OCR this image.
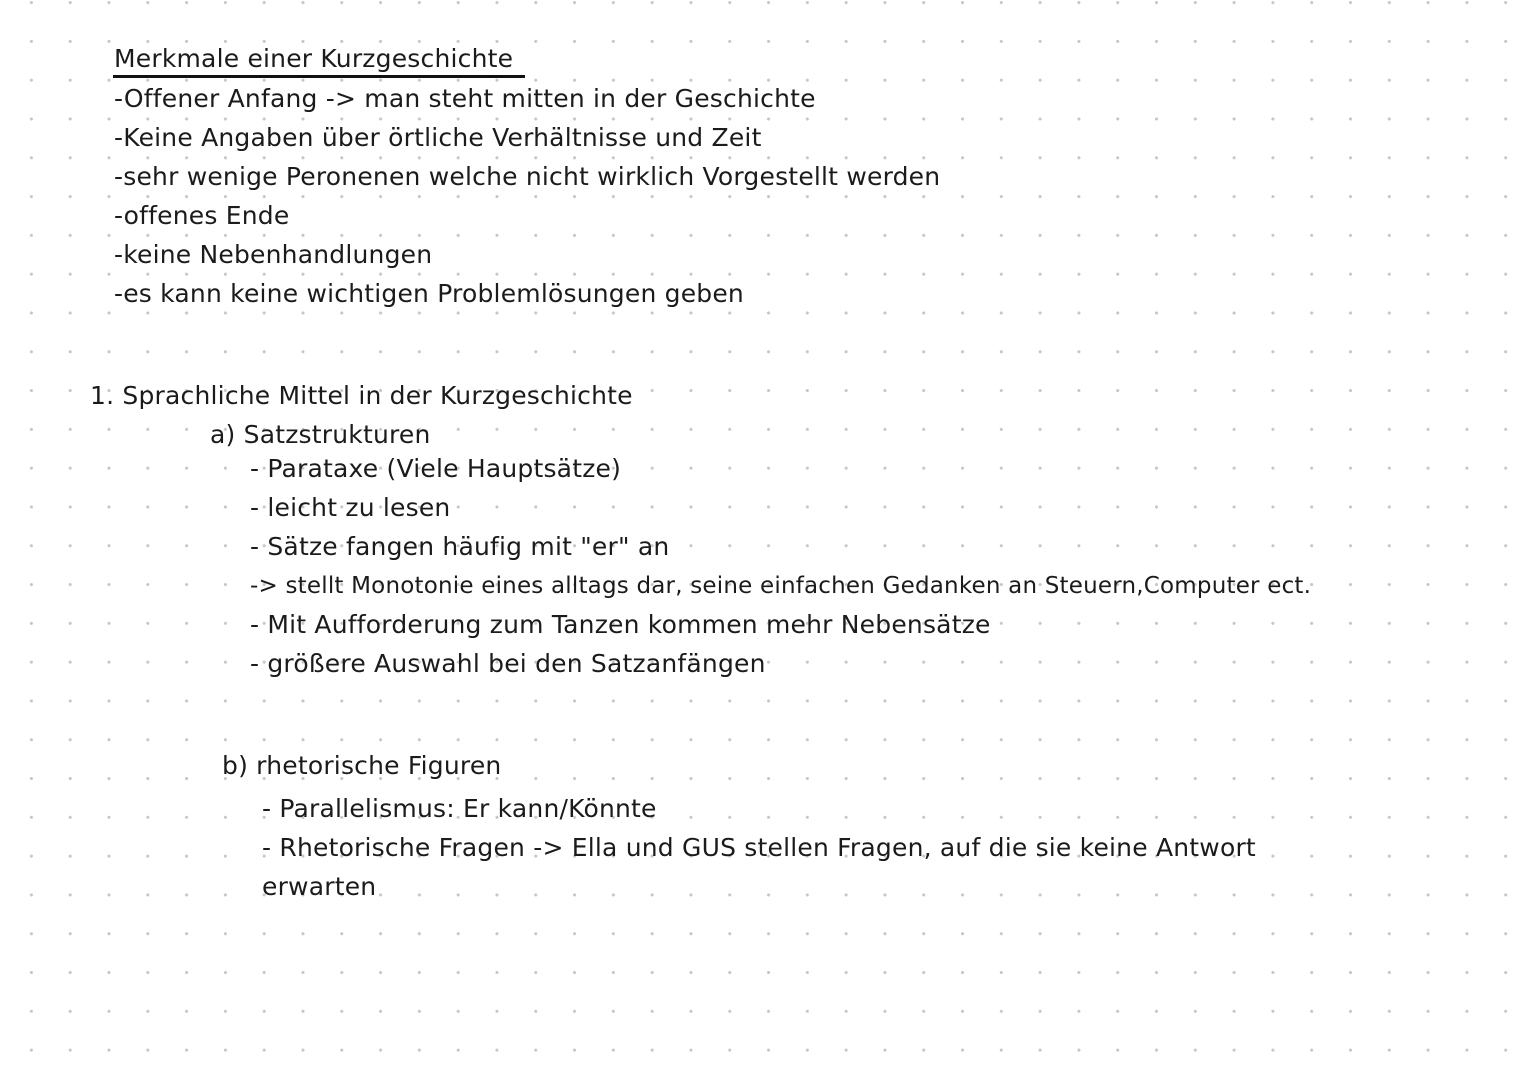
Merkmale einer Kurzgeschichte
-Offener Anfang -> man steht mitten in der Geschichte
-Keine Angaben über örtliche Verhältnisse und Zeit
-sehr wenige Peronenen welche nicht wirklich Vorgestellt werden
-offenes Ende
-keine Nebenhandlungen
-es kann keine wichtigen Problemlösungen geben
1. Sprachliche Mittel in der Kurzgeschichte
a) Satzstrukturen
- Parataxe (Viele Hauptsätze)
- leicht zu lesen
- Sätze fangen häufig mit "er" an
-> stellt Monotonie eines alltags dar, seine einfachen Gedanken an Steuern,Computer ect.
- Mit Aufforderung zum Tanzen kommen mehr Nebensätze
- größere Auswahl bei den Satzanfängen
b) rhetorische Figuren
- Parallelismus: Er kann/Könnte
- Rhetorische Fragen -> Ella und GUS stellen Fragen, auf die sie keine Antwort
erwarten
